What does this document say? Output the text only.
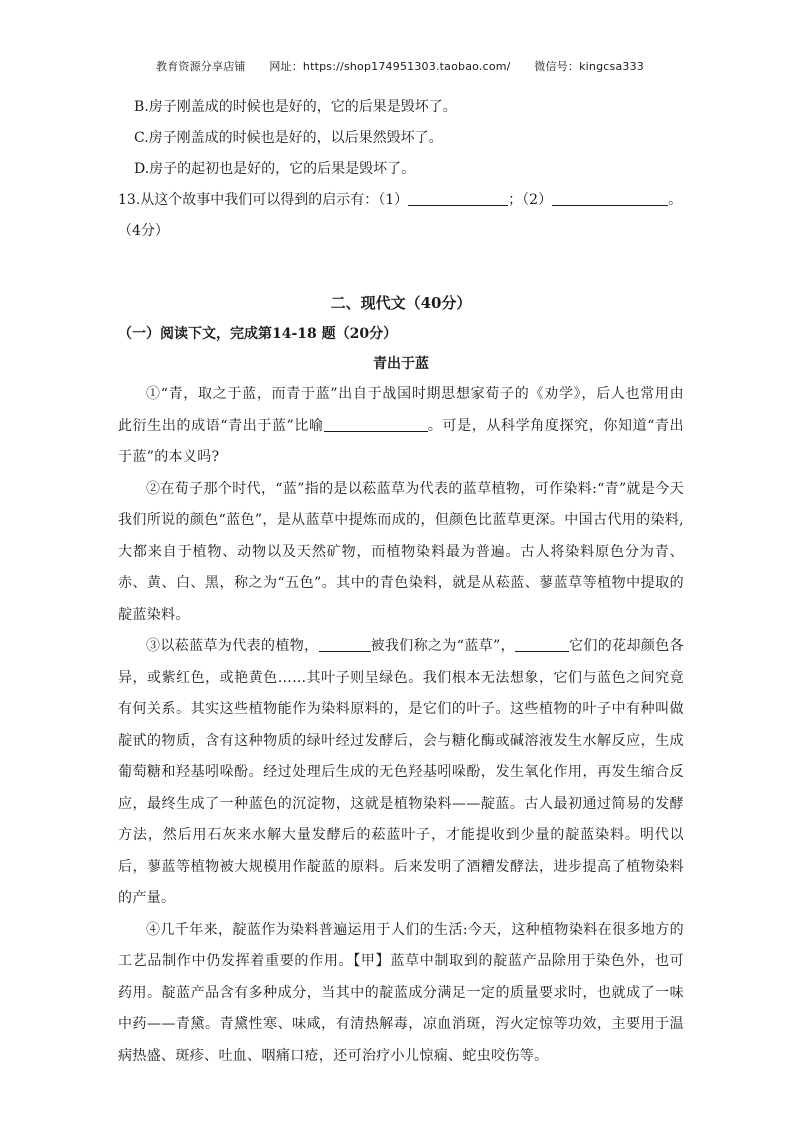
教育资源分享店铺 网址：https://shop174951303.taobao.com/ 微信号：kingcsa333
B.房子刚盖成的时候也是好的，它的后果是毁坏了。
C.房子刚盖成的时候也是好的，以后果然毁坏了。
D.房子的起初也是好的，它的后果是毁坏了。
13.从这个故事中我们可以得到的启示有：（1）	；（2）	。
（4分）
二、现代文（40分）
（一）阅读下文，完成第14-18 题（20分）
青出于蓝

①“青，取之于蓝，而青于蓝”出自于战国时期思想家荀子的《劝学》，后人也常用由此衍生出的成语“青出于蓝”比喻	。可是，从科学角度探究，你知道“青出于蓝”的本义吗?

②在荀子那个时代，“蓝”指的是以菘蓝草为代表的蓝草植物，可作染料:“青”就是今天我们所说的颜色“蓝色”，是从蓝草中提炼而成的，但颜色比蓝草更深。中国古代用的染料,大都来自于植物、动物以及天然矿物，而植物染料最为普遍。古人将染料原色分为青、赤、黄、白、黑，称之为“五色”。其中的青色染料，就是从菘蓝、蓼蓝草等植物中提取的靛蓝染料。

③以菘蓝草为代表的植物，	被我们称之为“蓝草”，	它们的花却颜色各异，或紫红色，或艳黄色……其叶子则呈绿色。我们根本无法想象，它们与蓝色之间究竟有何关系。其实这些植物能作为染料原料的，是它们的叶子。这些植物的叶子中有种叫做靛甙的物质，含有这种物质的绿叶经过发酵后，会与糖化酶或碱溶液发生水解反应，生成葡萄糖和羟基吲哚酚。经过处理后生成的无色羟基吲哚酚，发生氧化作用，再发生缩合反应，最终生成了一种蓝色的沉淀物，这就是植物染料——靛蓝。古人最初通过简易的发酵方法，然后用石灰来水解大量发酵后的菘蓝叶子，才能提收到少量的靛蓝染料。明代以后，蓼蓝等植物被大规模用作靛蓝的原料。后来发明了酒糟发酵法，进步提高了植物染料的产量。

④几千年来，靛蓝作为染料普遍运用于人们的生活:今天，这种植物染料在很多地方的工艺品制作中仍发挥着重要的作用。【甲】蓝草中制取到的靛蓝产品除用于染色外，也可药用。靛蓝产品含有多种成分，当其中的靛蓝成分满足一定的质量要求时，也就成了一味中药——青黛。青黛性寒、味咸，有清热解毒，凉血消斑，泻火定惊等功效，主要用于温病热盛、斑疹、吐血、咽痛口疮，还可治疗小儿惊痫、蛇虫咬伤等。
